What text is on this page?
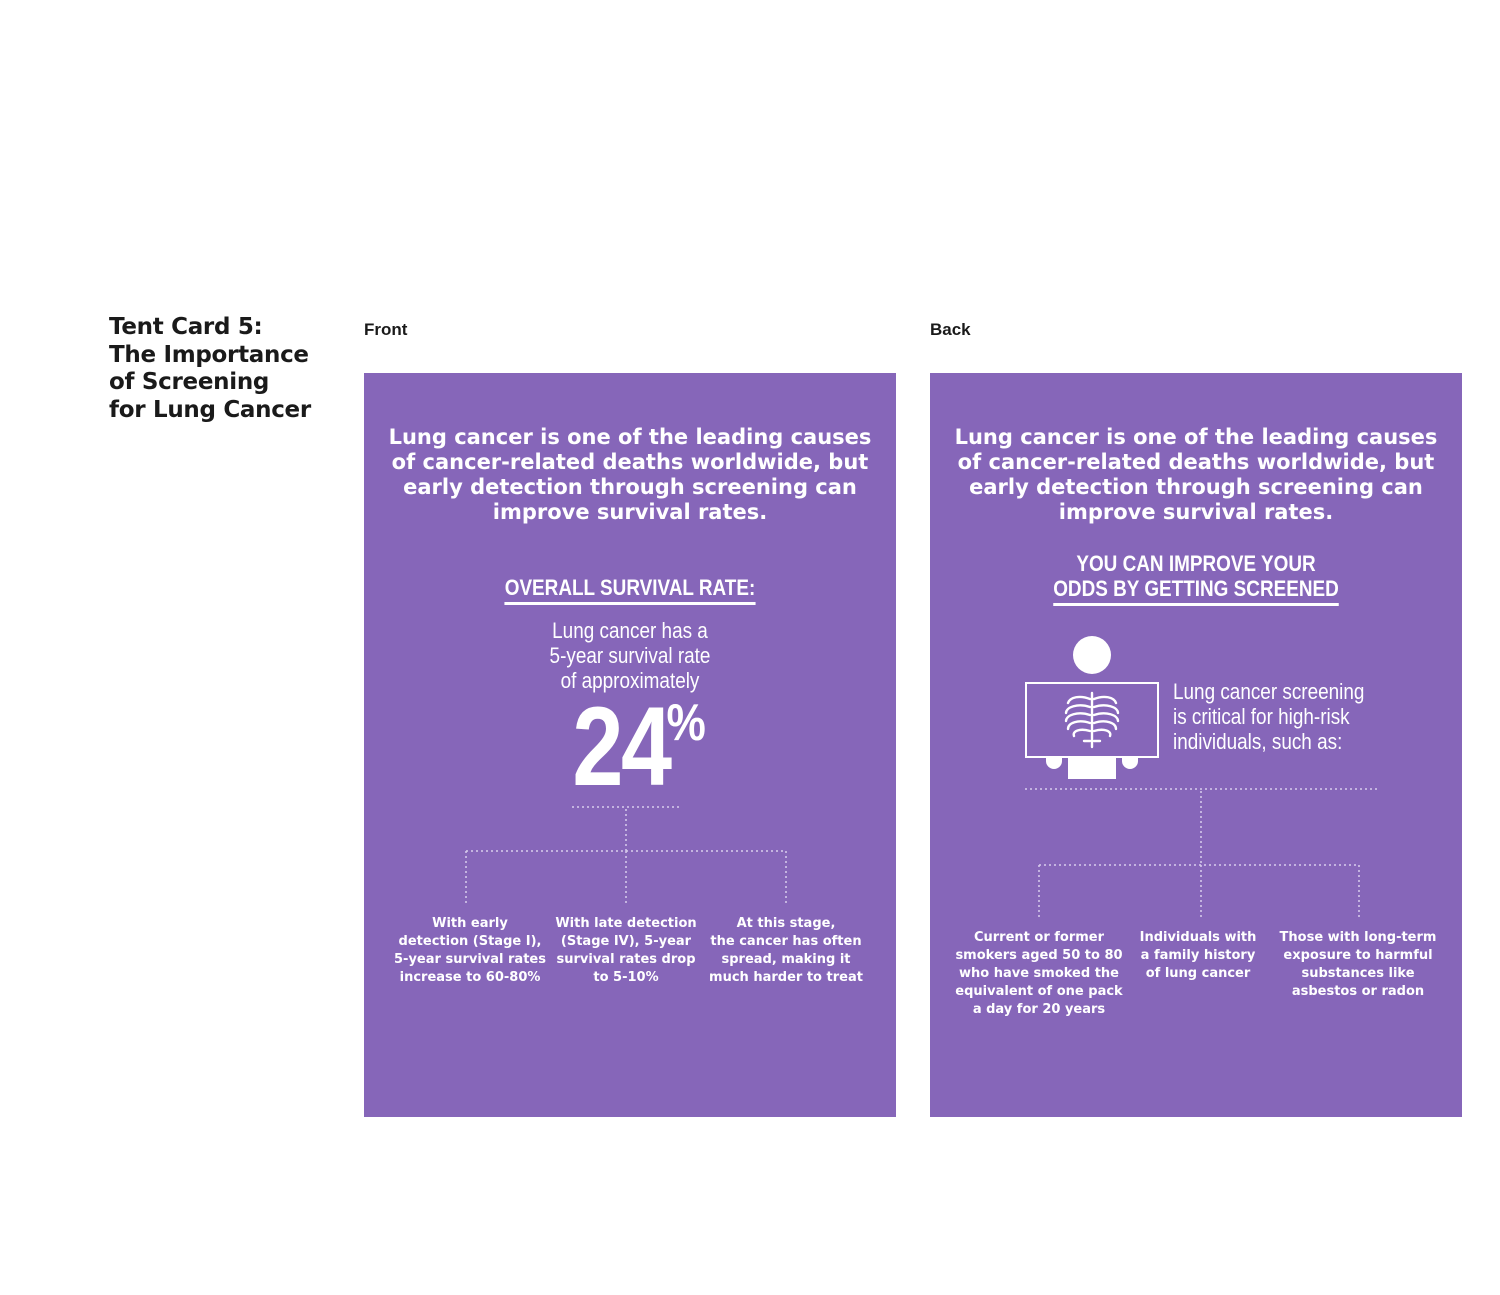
Tent Card 5:
The Importance
of Screening
for Lung Cancer
Front	Back
Lung cancer is one of the leading causes
of cancer-related deaths worldwide, but
early detection through screening can
improve survival rates.
OVERALL SURVIVAL RATE:
Lung cancer has a
5-year survival rate
of approximately
24%
With early
detection (Stage I),
5-year survival rates
increase to 60-80%
With late detection
(Stage IV), 5-year
survival rates drop
to 5-10%
At this stage,
the cancer has often
spread, making it
much harder to treat
Lung cancer is one of the leading causes
of cancer-related deaths worldwide, but
early detection through screening can
improve survival rates.
YOU CAN IMPROVE YOUR
ODDS BY GETTING SCREENED
Lung cancer screening
is critical for high-risk
individuals, such as:
Current or former
smokers aged 50 to 80
who have smoked the
equivalent of one pack
a day for 20 years
Individuals with
a family history
of lung cancer
Those with long-term
exposure to harmful
substances like
asbestos or radon
